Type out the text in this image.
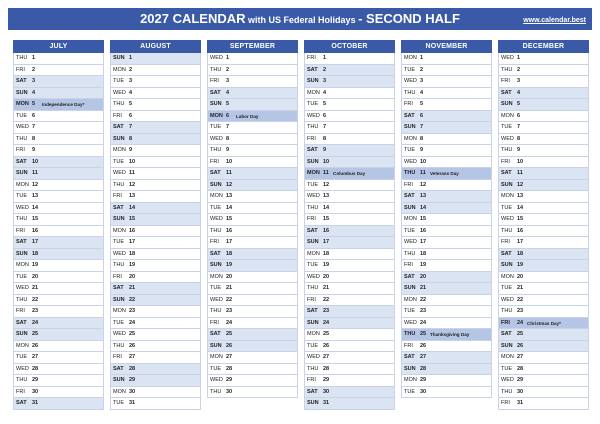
2027 CALENDAR with US Federal Holidays - SECOND HALF	www.calendar.best
JULY
THU 1
FRI 2
SAT 3
SUN 4
MON 5 Independence Day*
TUE 6
WED 7
THU 8
FRI 9
SAT 10
SUN 11
MON 12
TUE 13
WED 14
THU 15
FRI 16
SAT 17
SUN 18
MON 19
TUE 20
WED 21
THU 22
FRI 23
SAT 24
SUN 25
MON 26
TUE 27
WED 28
THU 29
FRI 30
SAT 31
AUGUST
SUN 1
MON 2
TUE 3
WED 4
THU 5
FRI 6
SAT 7
SUN 8
MON 9
TUE 10
WED 11
THU 12
FRI 13
SAT 14
SUN 15
MON 16
TUE 17
WED 18
THU 19
FRI 20
SAT 21
SUN 22
MON 23
TUE 24
WED 25
THU 26
FRI 27
SAT 28
SUN 29
MON 30
TUE 31
SEPTEMBER
WED 1
THU 2
FRI 3
SAT 4
SUN 5
MON 6 Labor Day
TUE 7
WED 8
THU 9
FRI 10
SAT 11
SUN 12
MON 13
TUE 14
WED 15
THU 16
FRI 17
SAT 18
SUN 19
MON 20
TUE 21
WED 22
THU 23
FRI 24
SAT 25
SUN 26
MON 27
TUE 28
WED 29
THU 30
OCTOBER
FRI 1
SAT 2
SUN 3
MON 4
TUE 5
WED 6
THU 7
FRI 8
SAT 9
SUN 10
MON 11 Columbus Day
TUE 12
WED 13
THU 14
FRI 15
SAT 16
SUN 17
MON 18
TUE 19
WED 20
THU 21
FRI 22
SAT 23
SUN 24
MON 25
TUE 26
WED 27
THU 28
FRI 29
SAT 30
SUN 31
NOVEMBER
MON 1
TUE 2
WED 3
THU 4
FRI 5
SAT 6
SUN 7
MON 8
TUE 9
WED 10
THU 11 Veterans Day
FRI 12
SAT 13
SUN 14
MON 15
TUE 16
WED 17
THU 18
FRI 19
SAT 20
SUN 21
MON 22
TUE 23
WED 24
THU 25 Thanksgiving Day
FRI 26
SAT 27
SUN 28
MON 29
TUE 30
DECEMBER
WED 1
THU 2
FRI 3
SAT 4
SUN 5
MON 6
TUE 7
WED 8
THU 9
FRI 10
SAT 11
SUN 12
MON 13
TUE 14
WED 15
THU 16
FRI 17
SAT 18
SUN 19
MON 20
TUE 21
WED 22
THU 23
FRI 24 Christmas Day*
SAT 25
SUN 26
MON 27
TUE 28
WED 29
THU 30
FRI 31
